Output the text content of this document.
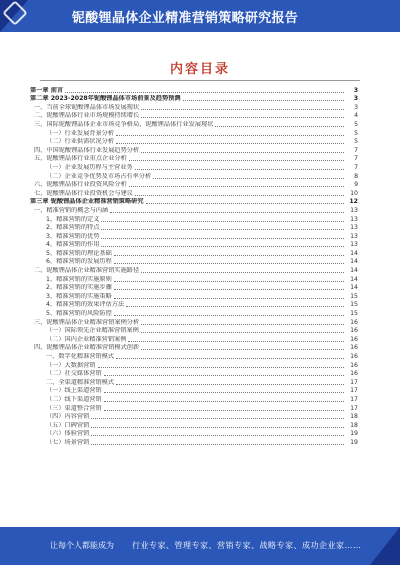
铌酸锂晶体企业精准营销策略研究报告
内容目录
第一章 前言	3
第二章 2023-2028年铌酸锂晶体市场前景及趋势预测	3
一、当前全球铌酸锂晶体市场发展现状	3
二、铌酸锂晶体行业市场规模持续增长	4
三、国际铌酸锂晶体企业市场竞争格局，铌酸锂晶体行业发展现状	5
（一）行业发展背景分析	5
（二）行业供需状况分析	5
四、中国铌酸锂晶体行业发展趋势分析	7
五、铌酸锂晶体行业重点企业分析	7
（一）企业发展历程与主营业务	7
（二）企业竞争优势及市场占有率分析	8
六、铌酸锂晶体行业投资风险分析	9
七、铌酸锂晶体行业投资机会与建议	10
第三章 铌酸锂晶体企业精准营销策略研究	12
一、精准营销的概念与内涵	13
1、精准营销的定义	13
2、精准营销的特点	13
3、精准营销的优势	13
4、精准营销的作用	13
5、精准营销的理论基础	14
6、精准营销的发展历程	14
二、铌酸锂晶体企业精准营销实施路径	14
1、精准营销的实施原则	14
2、精准营销的实施步骤	14
3、精准营销的实施策略	15
4、精准营销的效果评估方法	15
5、精准营销的风险防控	15
三、铌酸锂晶体企业精准营销案例分析	16
（一）国际领先企业精准营销案例	16
（二）国内企业精准营销案例	16
四、铌酸锂晶体企业精准营销模式创新	16
一、数字化精准营销模式	16
（一）大数据营销	16
（二）社交媒体营销	16
二、全渠道精准营销模式	17
（一）线上渠道营销	17
（二）线下渠道营销	17
（三）渠道整合营销	17
（四）内容营销	18
（五）口碑营销	18
（六）体验营销	19
（七）场景营销	19
让每个人都能成为 行业专家、管理专家、营销专家、战略专家、成功企业家……
